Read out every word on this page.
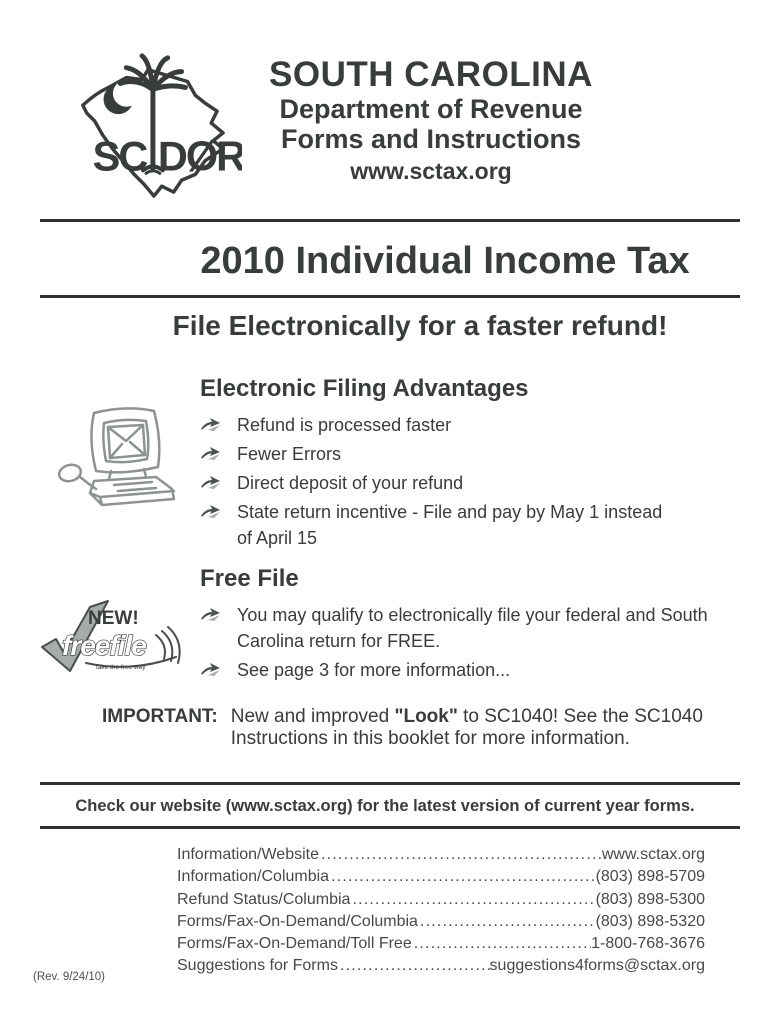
SC DØR
SOUTH CAROLINA
Department of Revenue
Forms and Instructions
www.sctax.org
2010 Individual Income Tax
File Electronically for a faster refund!
Electronic Filing Advantages
Refund is processed faster
Fewer Errors
Direct deposit of your refund
State return incentive - File and pay by May 1 instead of April 15
NEW!
freefile
take the free way
Free File
You may qualify to electronically file your federal and South Carolina return for FREE.
See page 3 for more information...
IMPORTANT: New and improved "Look" to SC1040! See the SC1040 Instructions in this booklet for more information.
Check our website (www.sctax.org) for the latest version of current year forms.
Information/Website .....	www.sctax.org
Information/Columbia .....	(803) 898-5709
Refund Status/Columbia .....	(803) 898-5300
Forms/Fax-On-Demand/Columbia .....	(803) 898-5320
Forms/Fax-On-Demand/Toll Free .....	1-800-768-3676
Suggestions for Forms .....	suggestions4forms@sctax.org
(Rev. 9/24/10)
